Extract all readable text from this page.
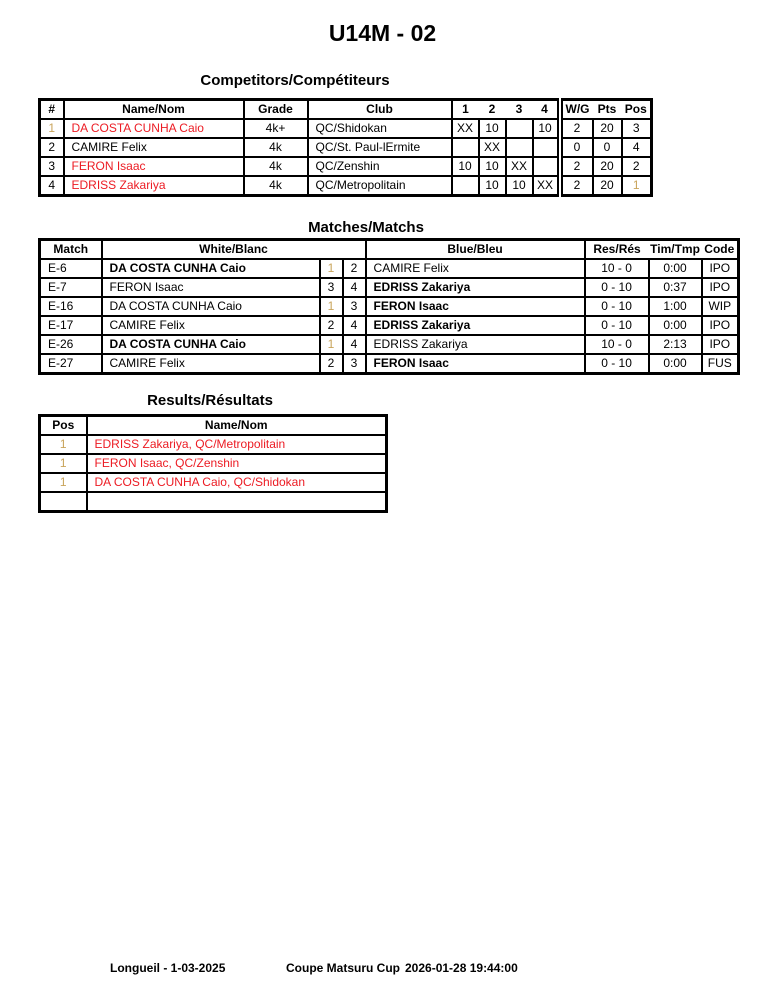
U14M - 02
Competitors/Compétiteurs
#	Name/Nom	Grade	Club	1	2	3	4	W/G	Pts	Pos
1	DA COSTA CUNHA Caio	4k+	QC/Shidokan	XX	10		10	2	20	3
2	CAMIRE Felix	4k	QC/St. Paul-lErmite		XX			0	0	4
3	FERON Isaac	4k	QC/Zenshin	10	10	XX		2	20	2
4	EDRISS Zakariya	4k	QC/Metropolitain		10	10	XX	2	20	1
Matches/Matchs
Match	White/Blanc			Blue/Bleu	Res/Rés	Tim/Tmp	Code
E-6	DA COSTA CUNHA Caio	1	2	CAMIRE Felix	10 - 0	0:00	IPO
E-7	FERON Isaac	3	4	EDRISS Zakariya	0 - 10	0:37	IPO
E-16	DA COSTA CUNHA Caio	1	3	FERON Isaac	0 - 10	1:00	WIP
E-17	CAMIRE Felix	2	4	EDRISS Zakariya	0 - 10	0:00	IPO
E-26	DA COSTA CUNHA Caio	1	4	EDRISS Zakariya	10 - 0	2:13	IPO
E-27	CAMIRE Felix	2	3	FERON Isaac	0 - 10	0:00	FUS
Results/Résultats
Pos	Name/Nom
1	EDRISS Zakariya, QC/Metropolitain
1	FERON Isaac, QC/Zenshin
1	DA COSTA CUNHA Caio, QC/Shidokan

Longueil - 1-03-2025	Coupe Matsuru Cup 2026-01-28 19:44:00
